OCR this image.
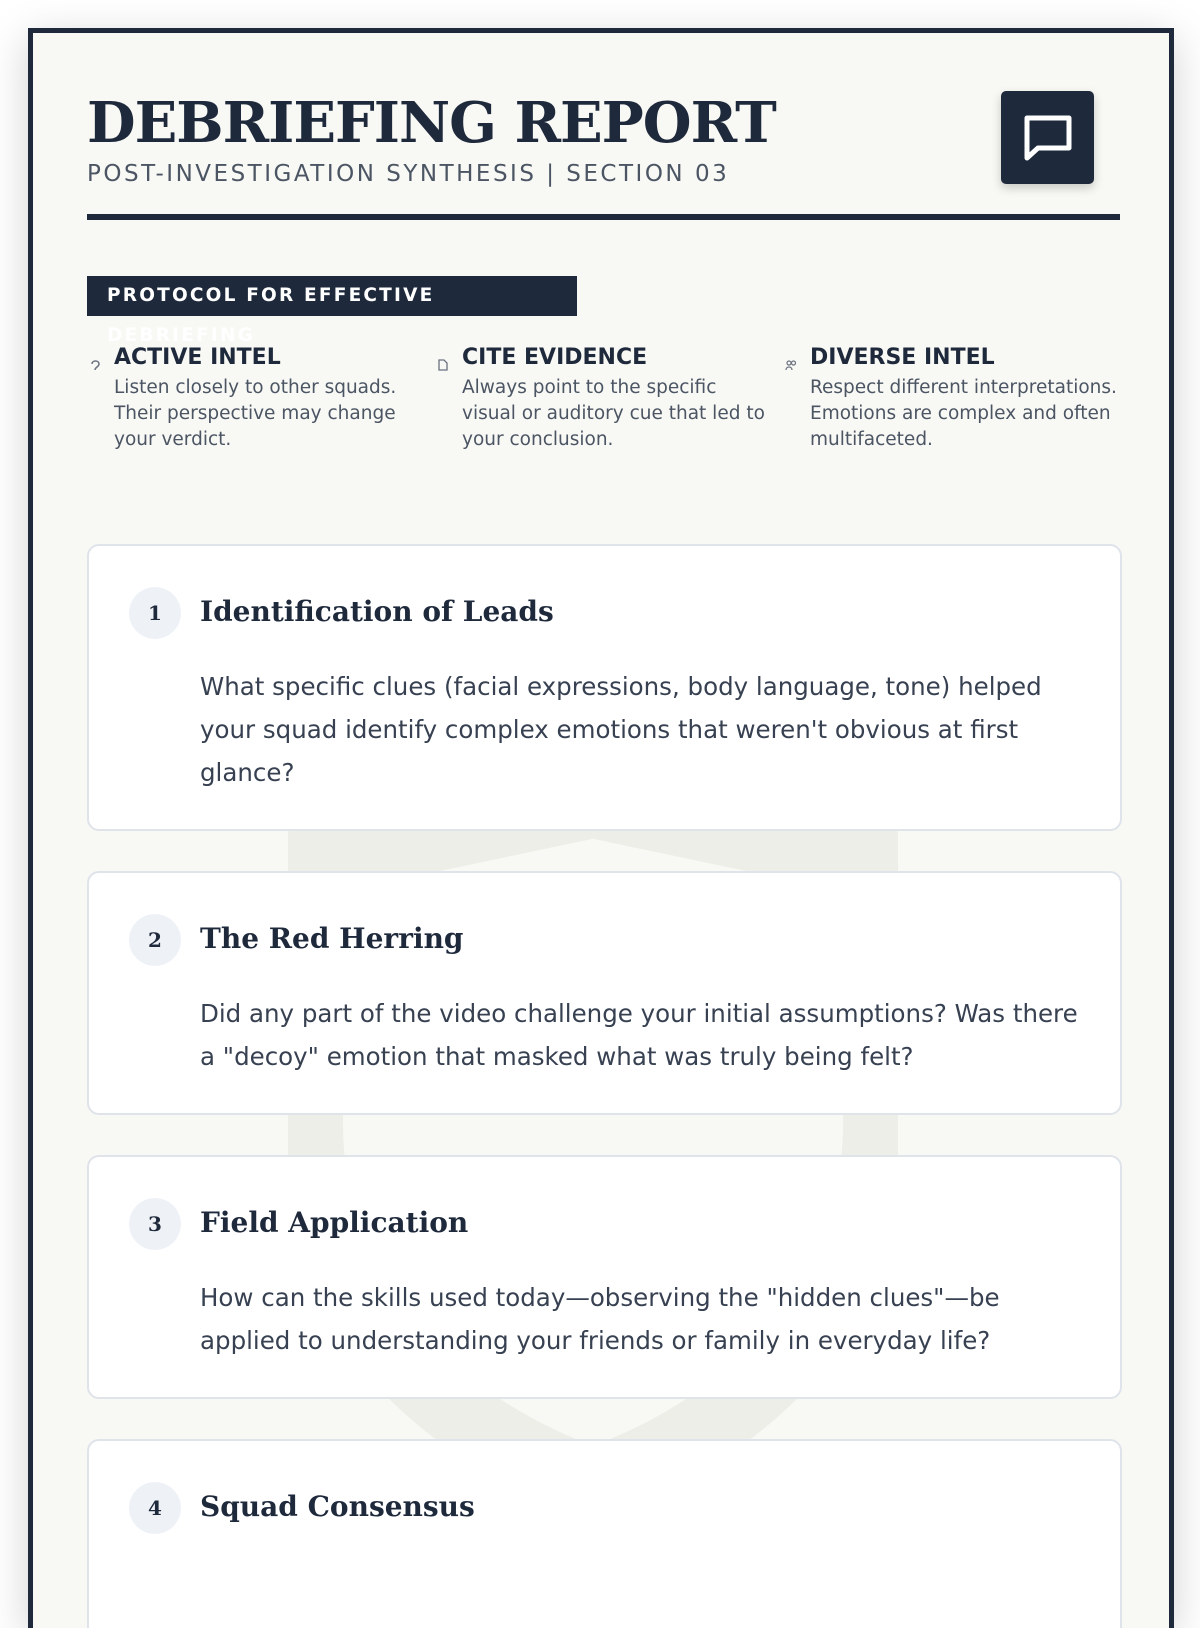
DEBRIEFING REPORT
POST-INVESTIGATION SYNTHESIS | SECTION 03
PROTOCOL FOR EFFECTIVE DEBRIEFING
ACTIVE INTEL
Listen closely to other squads. Their perspective may change your verdict.
CITE EVIDENCE
Always point to the specific visual or auditory cue that led to your conclusion.
DIVERSE INTEL
Respect different interpretations. Emotions are complex and often multifaceted.
1	Identification of Leads
What specific clues (facial expressions, body language, tone) helped your squad identify complex emotions that weren't obvious at first glance?
2	The Red Herring
Did any part of the video challenge your initial assumptions? Was there a "decoy" emotion that masked what was truly being felt?
3	Field Application
How can the skills used today—observing the "hidden clues"—be applied to understanding your friends or family in everyday life?
4	Squad Consensus
